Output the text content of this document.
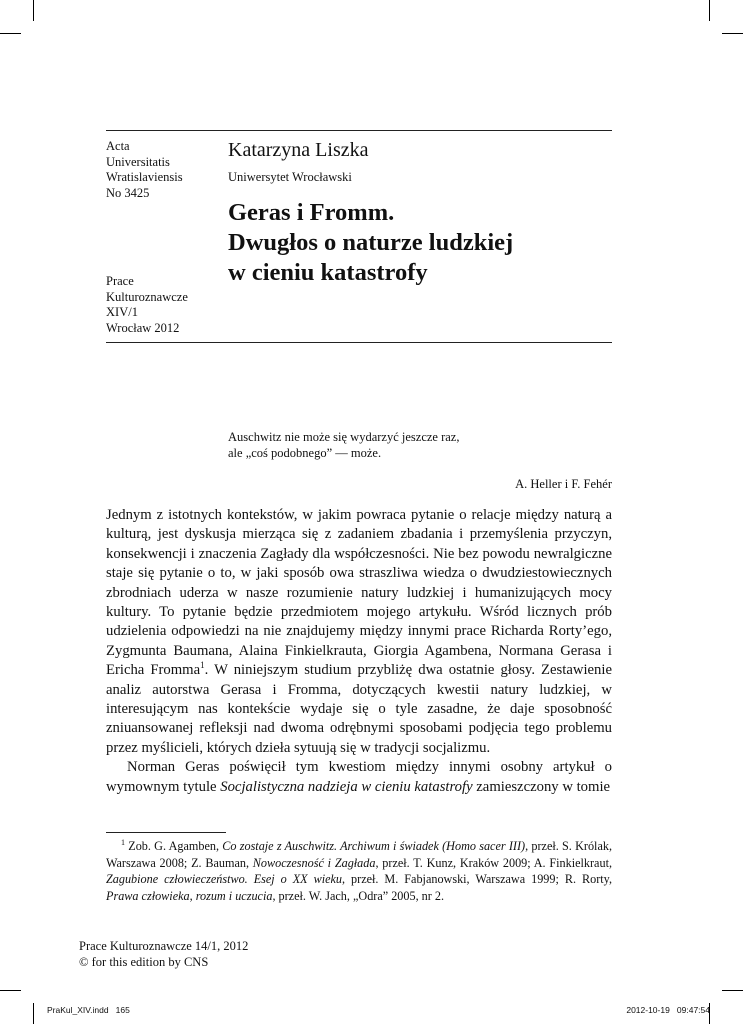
Acta
Universitatis
Wratislaviensis
No 3425
Prace
Kulturoznawcze
XIV/1
Wrocław 2012
Katarzyna Liszka
Uniwersytet Wrocławski
Geras i Fromm.
Dwugłos o naturze ludzkiej
w cieniu katastrofy
Auschwitz nie może się wydarzyć jeszcze raz,
ale „coś podobnego” — może.
A. Heller i F. Fehér

Jednym z istotnych kontekstów, w jakim powraca pytanie o relacje między naturą a kulturą, jest dyskusja mierząca się z zadaniem zbadania i przemyślenia przyczyn, konsekwencji i znaczenia Zagłady dla współczesności. Nie bez powodu newralgiczne staje się pytanie o to, w jaki sposób owa straszliwa wiedza o dwudziestowiecznych zbrodniach uderza w nasze rozumienie natury ludzkiej i humanizujących mocy kultury. To pytanie będzie przedmiotem mojego artykułu. Wśród licznych prób udzielenia odpowiedzi na nie znajdujemy między innymi prace Richarda Rorty’ego, Zygmunta Baumana, Alaina Finkielkrauta, Giorgia Agambena, Normana Gerasa i Ericha Fromma$^1$. W niniejszym studium przybliżę dwa ostatnie głosy. Zestawienie analiz autorstwa Gerasa i Fromma, dotyczących kwestii natury ludzkiej, w interesującym nas kontekście wydaje się o tyle zasadne, że daje sposobność zniuansowanej refleksji nad dwoma odrębnymi sposobami podjęcia tego problemu przez myślicieli, których dzieła sytuują się w tradycji socjalizmu.

Norman Geras poświęcił tym kwestiom między innymi osobny artykuł o wymownym tytule Socjalistyczna nadzieja w cieniu katastrofy zamieszczony w tomie

$^1$ Zob. G. Agamben, Co zostaje z Auschwitz. Archiwum i świadek (Homo sacer III), przeł. S. Królak, Warszawa 2008; Z. Bauman, Nowoczesność i Zagłada, przeł. T. Kunz, Kraków 2009; A. Finkielkraut, Zagubione człowieczeństwo. Esej o XX wieku, przeł. M. Fabjanowski, Warszawa 1999; R. Rorty, Prawa człowieka, rozum i uczucia, przeł. W. Jach, „Odra” 2005, nr 2.
Prace Kulturoznawcze 14/1, 2012
© for this edition by CNS
PraKul_XIV.indd   165	2012-10-19   09:47:54
